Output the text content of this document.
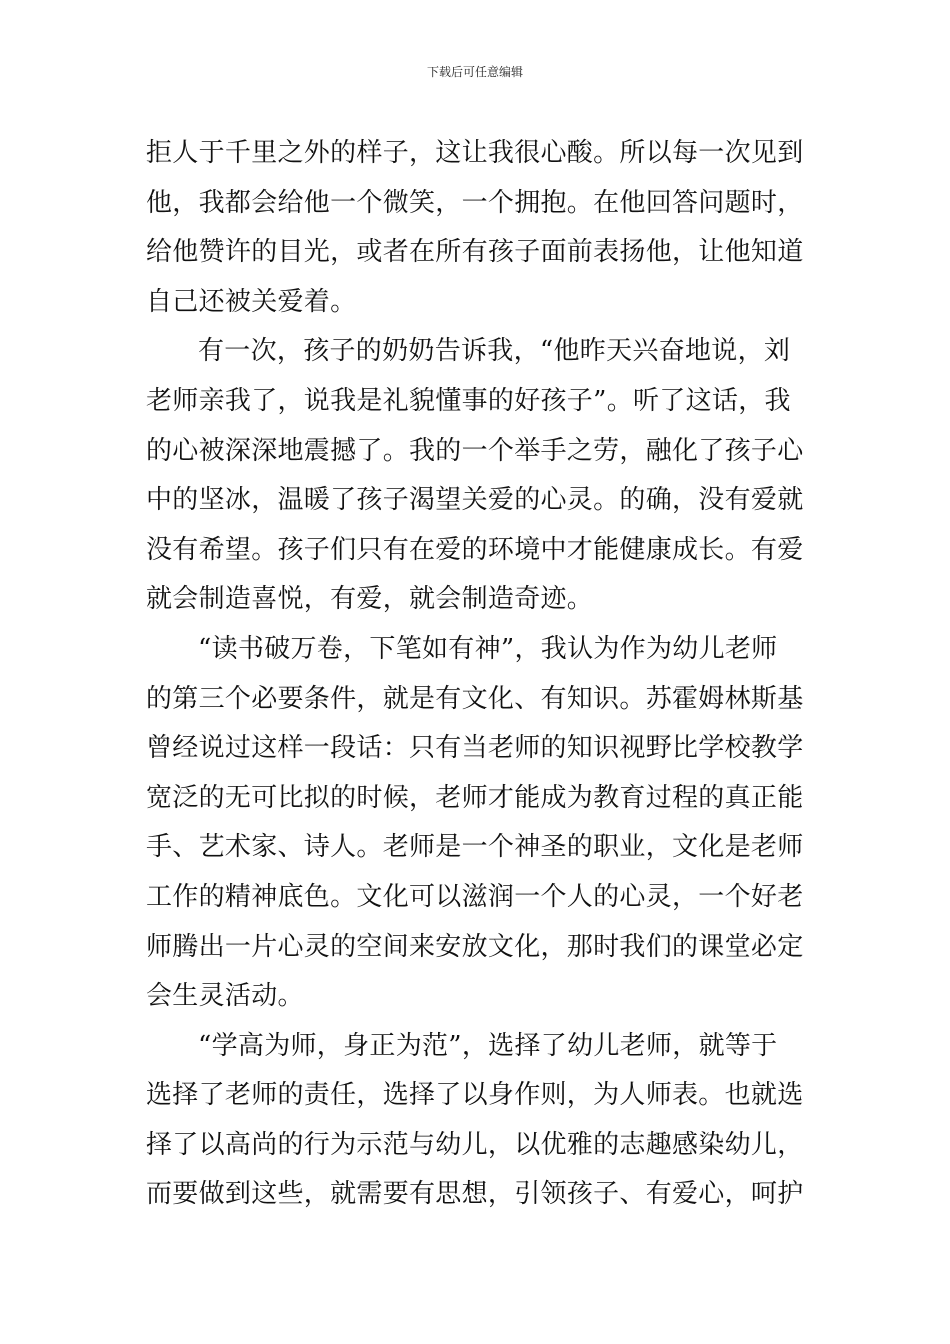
下载后可任意编辑
拒人于千里之外的样子，这让我很心酸。所以每一次见到
他，我都会给他一个微笑，一个拥抱。在他回答问题时，
给他赞许的目光，或者在所有孩子面前表扬他，让他知道
自己还被关爱着。
有一次，孩子的奶奶告诉我，“他昨天兴奋地说，刘
老师亲我了，说我是礼貌懂事的好孩子”。听了这话，我
的心被深深地震撼了。我的一个举手之劳，融化了孩子心
中的坚冰，温暖了孩子渴望关爱的心灵。的确，没有爱就
没有希望。孩子们只有在爱的环境中才能健康成长。有爱
就会制造喜悦，有爱，就会制造奇迹。
“读书破万卷，下笔如有神”，我认为作为幼儿老师
的第三个必要条件，就是有文化、有知识。苏霍姆林斯基
曾经说过这样一段话：只有当老师的知识视野比学校教学
宽泛的无可比拟的时候，老师才能成为教育过程的真正能
手、艺术家、诗人。老师是一个神圣的职业，文化是老师
工作的精神底色。文化可以滋润一个人的心灵，一个好老
师腾出一片心灵的空间来安放文化，那时我们的课堂必定
会生灵活动。
“学高为师，身正为范”，选择了幼儿老师，就等于
选择了老师的责任，选择了以身作则，为人师表。也就选
择了以高尚的行为示范与幼儿，以优雅的志趣感染幼儿，
而要做到这些，就需要有思想，引领孩子、有爱心，呵护
